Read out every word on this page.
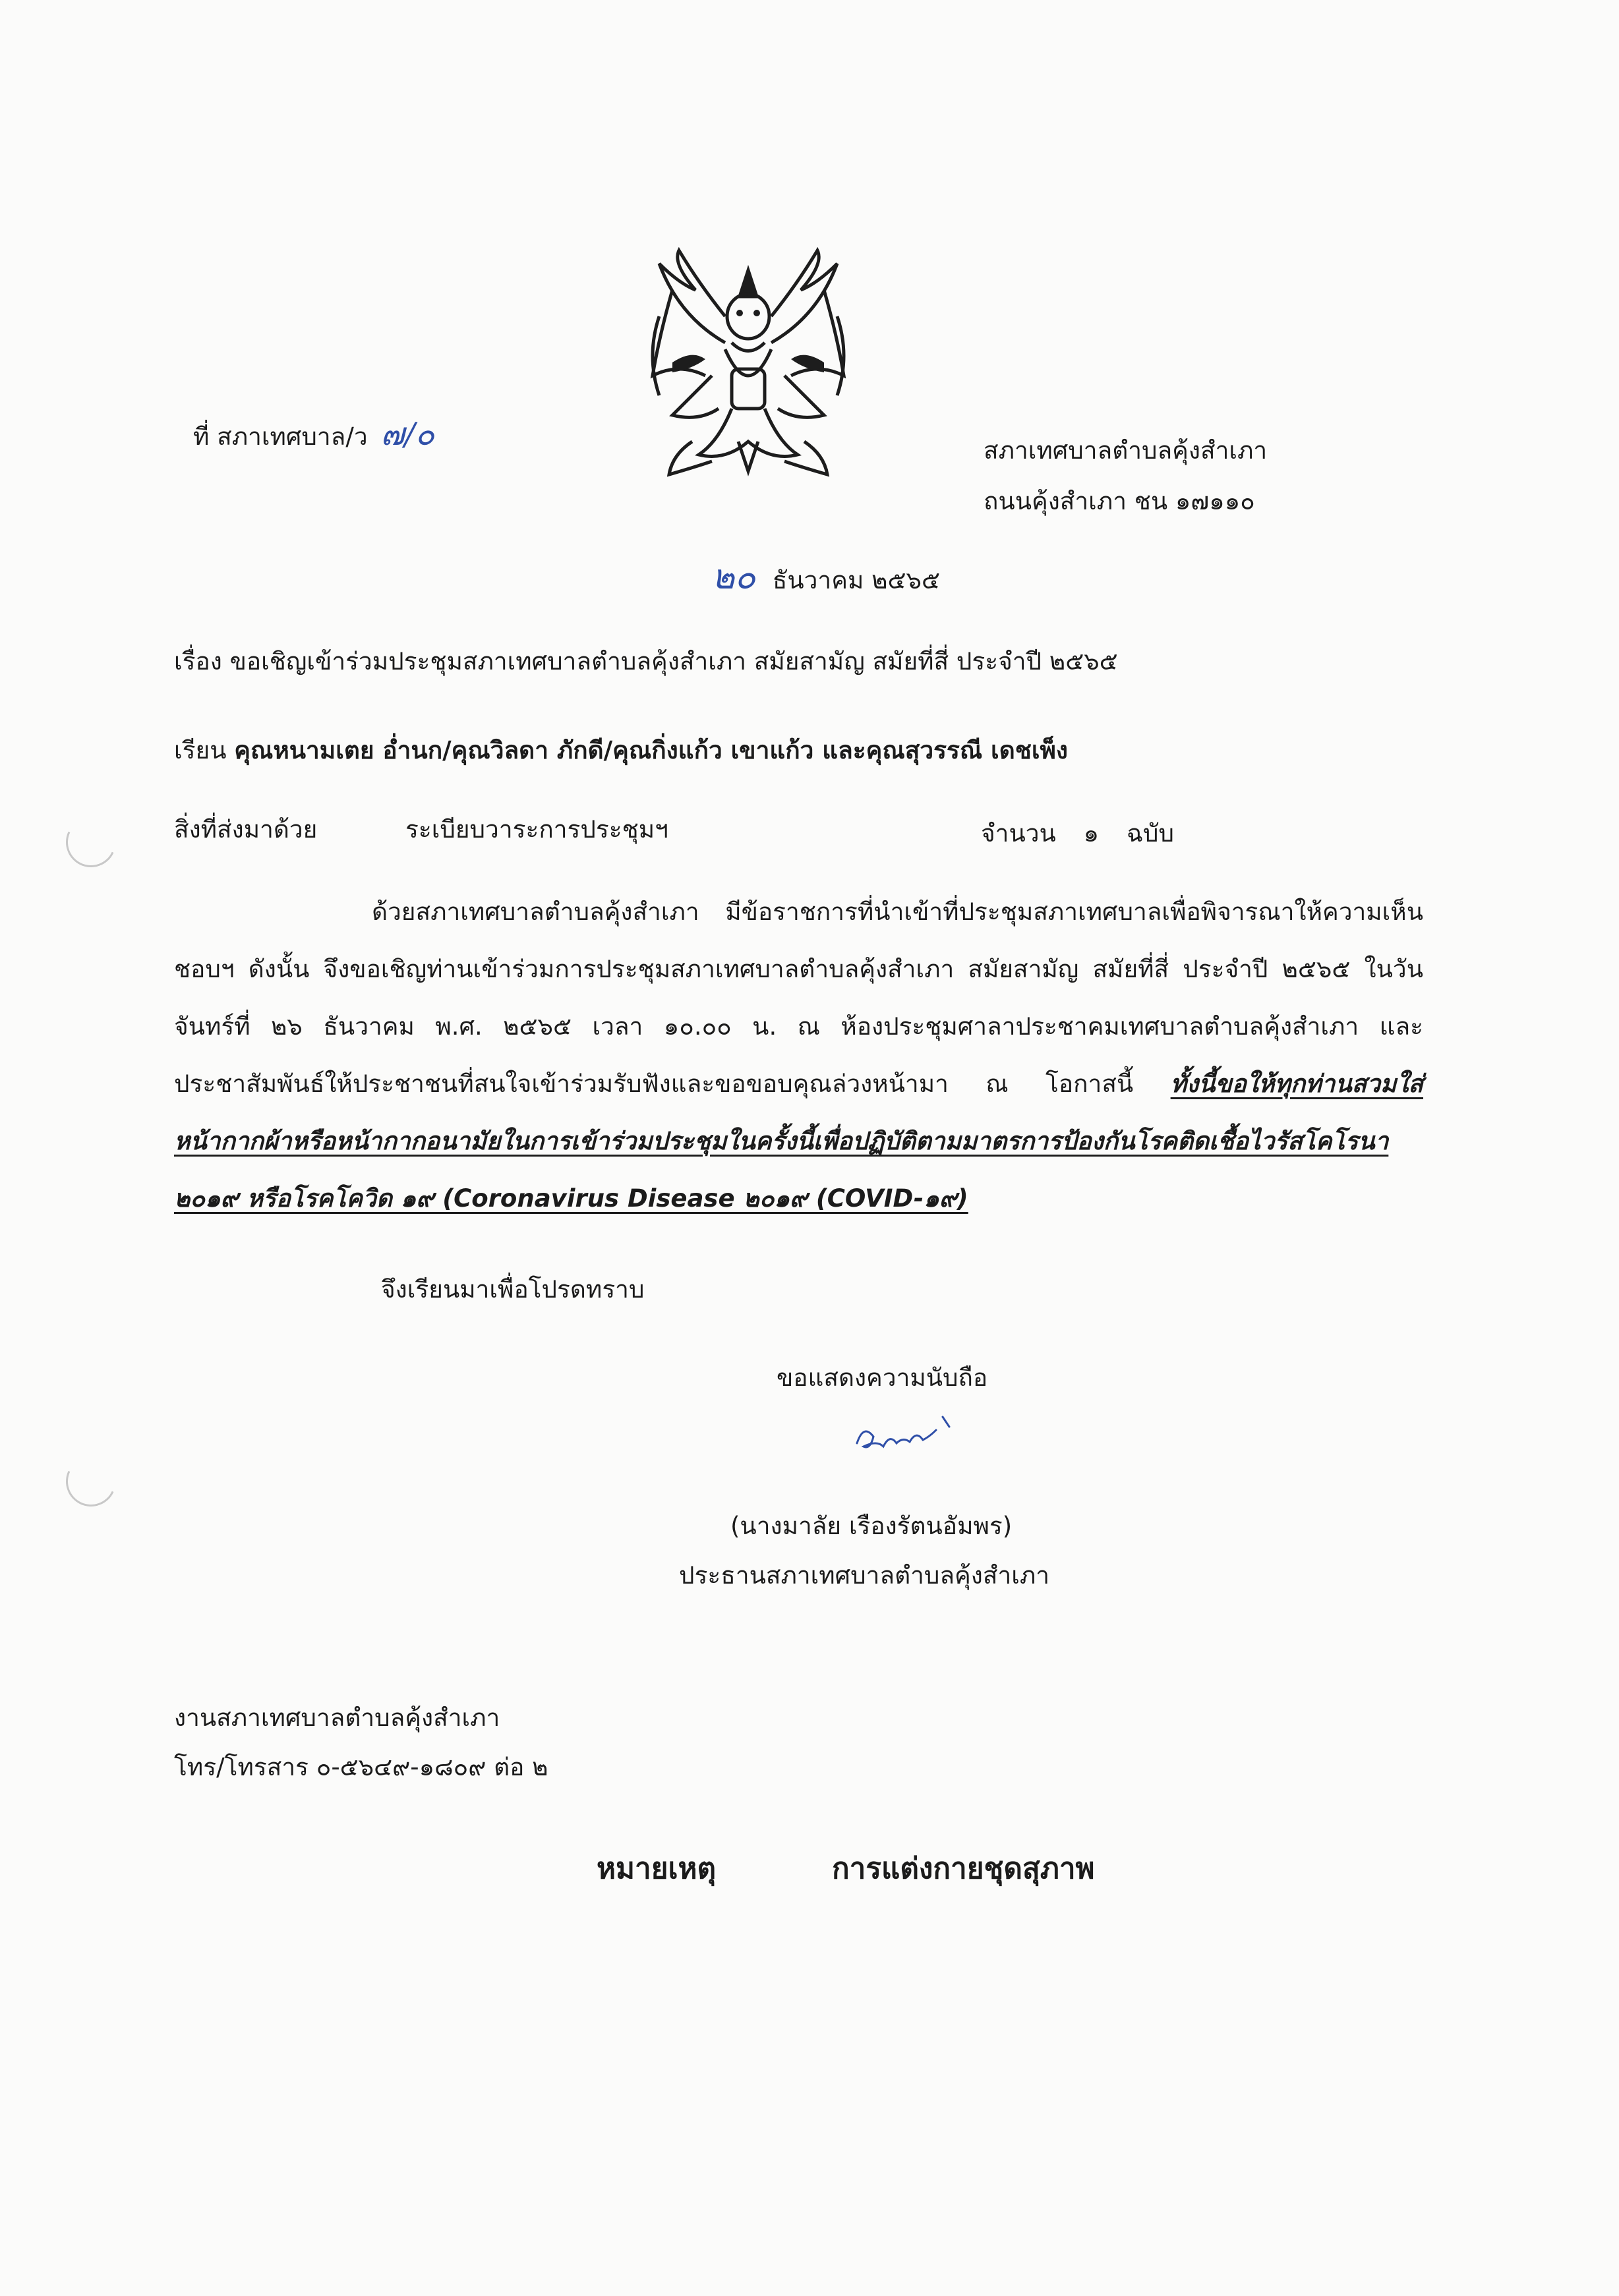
ที่ สภาเทศบาล/ว ๗/๐	สภาเทศบาลตำบลคุ้งสำเภา
ถนนคุ้งสำเภา ชน ๑๗๑๑๐
๒๐ ธันวาคม ๒๕๖๕
เรื่อง ขอเชิญเข้าร่วมประชุมสภาเทศบาลตำบลคุ้งสำเภา สมัยสามัญ สมัยที่สี่ ประจำปี ๒๕๖๕
เรียน คุณหนามเตย อ่ำนก/คุณวิลดา ภักดี/คุณกิ่งแก้ว เขาแก้ว และคุณสุวรรณี เดชเพ็ง
สิ่งที่ส่งมาด้วย	ระเบียบวาระการประชุมฯ	จำนวน ๑ ฉบับ
ด้วยสภาเทศบาลตำบลคุ้งสำเภา มีข้อราชการที่นำเข้าที่ประชุมสภาเทศบาลเพื่อพิจารณาให้ความเห็นชอบฯ ดังนั้น จึงขอเชิญท่านเข้าร่วมการประชุมสภาเทศบาลตำบลคุ้งสำเภา สมัยสามัญ สมัยที่สี่ ประจำปี ๒๕๖๕ ในวันจันทร์ที่ ๒๖ ธันวาคม พ.ศ. ๒๕๖๕ เวลา ๑๐.๐๐ น. ณ ห้องประชุมศาลาประชาคมเทศบาลตำบลคุ้งสำเภา และประชาสัมพันธ์ให้ประชาชนที่สนใจเข้าร่วมรับฟังและขอขอบคุณล่วงหน้ามา ณ โอกาสนี้ ทั้งนี้ขอให้ทุกท่านสวมใส่หน้ากากผ้าหรือหน้ากากอนามัยในการเข้าร่วมประชุมในครั้งนี้เพื่อปฏิบัติตามมาตรการป้องกันโรคติดเชื้อไวรัสโคโรนา ๒๐๑๙ หรือโรคโควิด ๑๙ (Coronavirus Disease ๒๐๑๙ (COVID-๑๙)
จึงเรียนมาเพื่อโปรดทราบ
ขอแสดงความนับถือ
(นางมาลัย เรืองรัตนอัมพร)
ประธานสภาเทศบาลตำบลคุ้งสำเภา
งานสภาเทศบาลตำบลคุ้งสำเภา
โทร/โทรสาร ๐-๕๖๔๙-๑๘๐๙ ต่อ ๒
หมายเหตุ	การแต่งกายชุดสุภาพ
